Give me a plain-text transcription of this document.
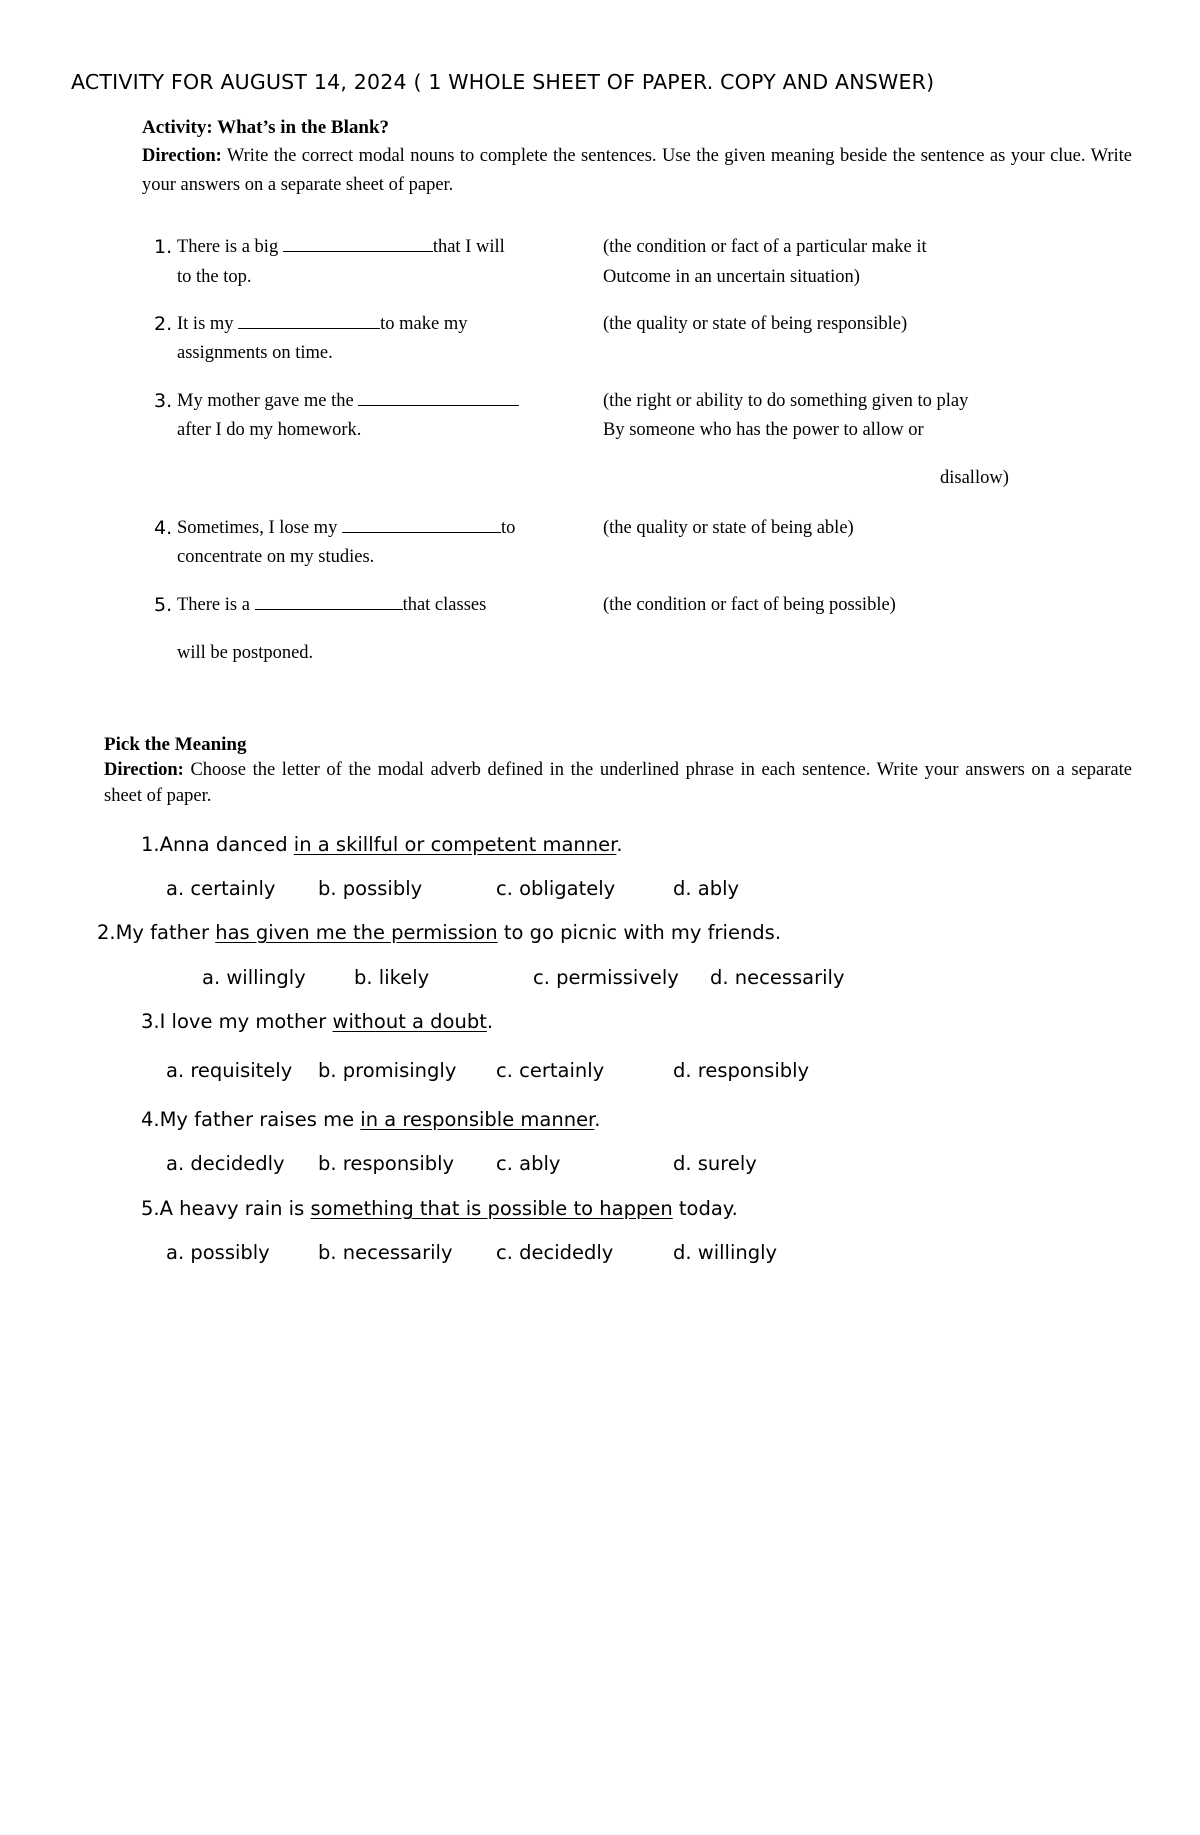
ACTIVITY FOR AUGUST 14, 2024 ( 1 WHOLE SHEET OF PAPER. COPY AND ANSWER)
Activity: What’s in the Blank?
Direction: Write the correct modal nouns to complete the sentences. Use the given meaning beside the sentence as your clue. Write your answers on a separate sheet of paper.
1. There is a big	that I will
to the top.
(the condition or fact of a particular make it
Outcome in an uncertain situation)
2. It is my	to make my
assignments on time.
(the quality or state of being responsible)
3. My mother gave me the
after I do my homework.
(the right or ability to do something given to play
By someone who has the power to allow or
disallow)
4. Sometimes, I lose my	to
concentrate on my studies.
(the quality or state of being able)
5. There is a	that classes
will be postponed.
(the condition or fact of being possible)
Pick the Meaning
Direction: Choose the letter of the modal adverb defined in the underlined phrase in each sentence. Write your answers on a separate sheet of paper.
1.Anna danced in a skillful or competent manner.
a. certainly b. possibly	c. obligately	d. ably
2.My father has given me the permission to go picnic with my friends.
a. willingly b. likely	c. permissively d. necessarily
3.I love my mother without a doubt.
a. requisitely b. promisingly c. certainly	d. responsibly
4.My father raises me in a responsible manner.
a. decidedly b. responsibly c. ably	d. surely
5.A heavy rain is something that is possible to happen today.
a. possibly b. necessarily c. decidedly	d. willingly
